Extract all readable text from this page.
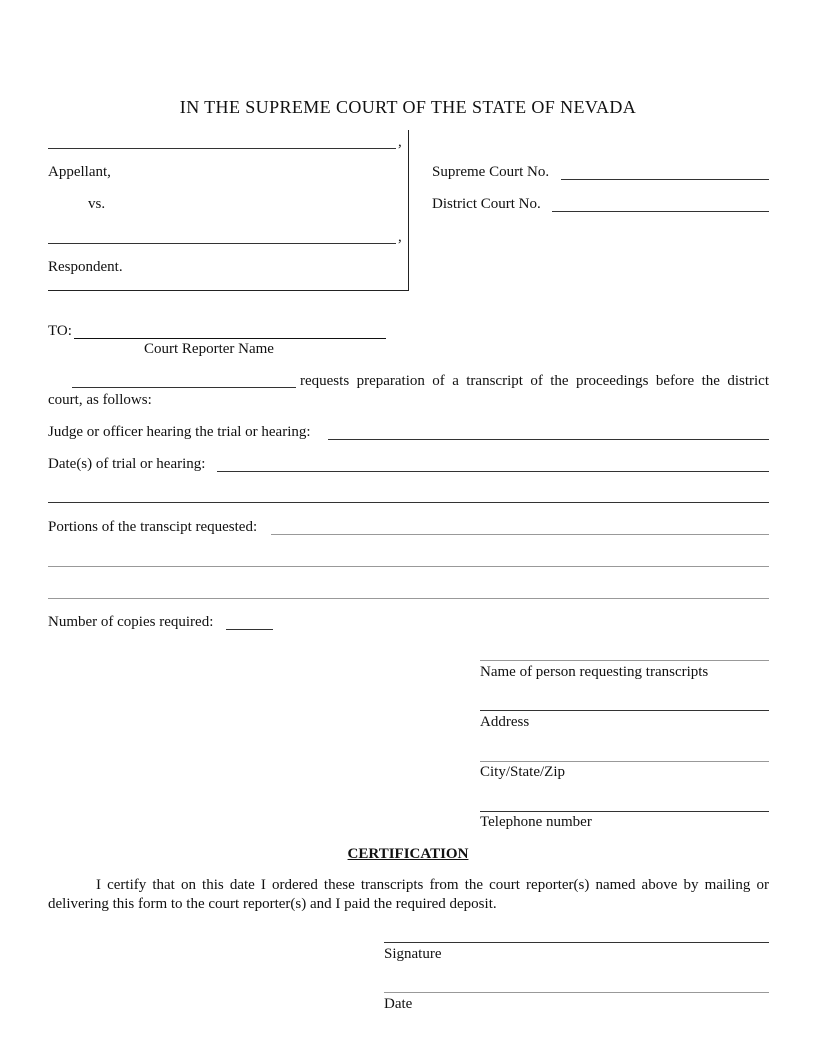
IN THE SUPREME COURT OF THE STATE OF NEVADA
,
Appellant,
vs.
,
Respondent.
Supreme Court No.
District Court No.
TO:
Court Reporter Name
requests preparation of a transcript of the proceedings before the district
court, as follows:
Judge or officer hearing the trial or hearing:
Date(s) of trial or hearing:
Portions of the transcipt requested:
Number of copies required:
Name of person requesting transcripts
Address
City/State/Zip
Telephone number
CERTIFICATION
I certify that on this date I ordered these transcripts from the court reporter(s) named above by mailing or
delivering this form to the court reporter(s) and I paid the required deposit.
Signature
Date
